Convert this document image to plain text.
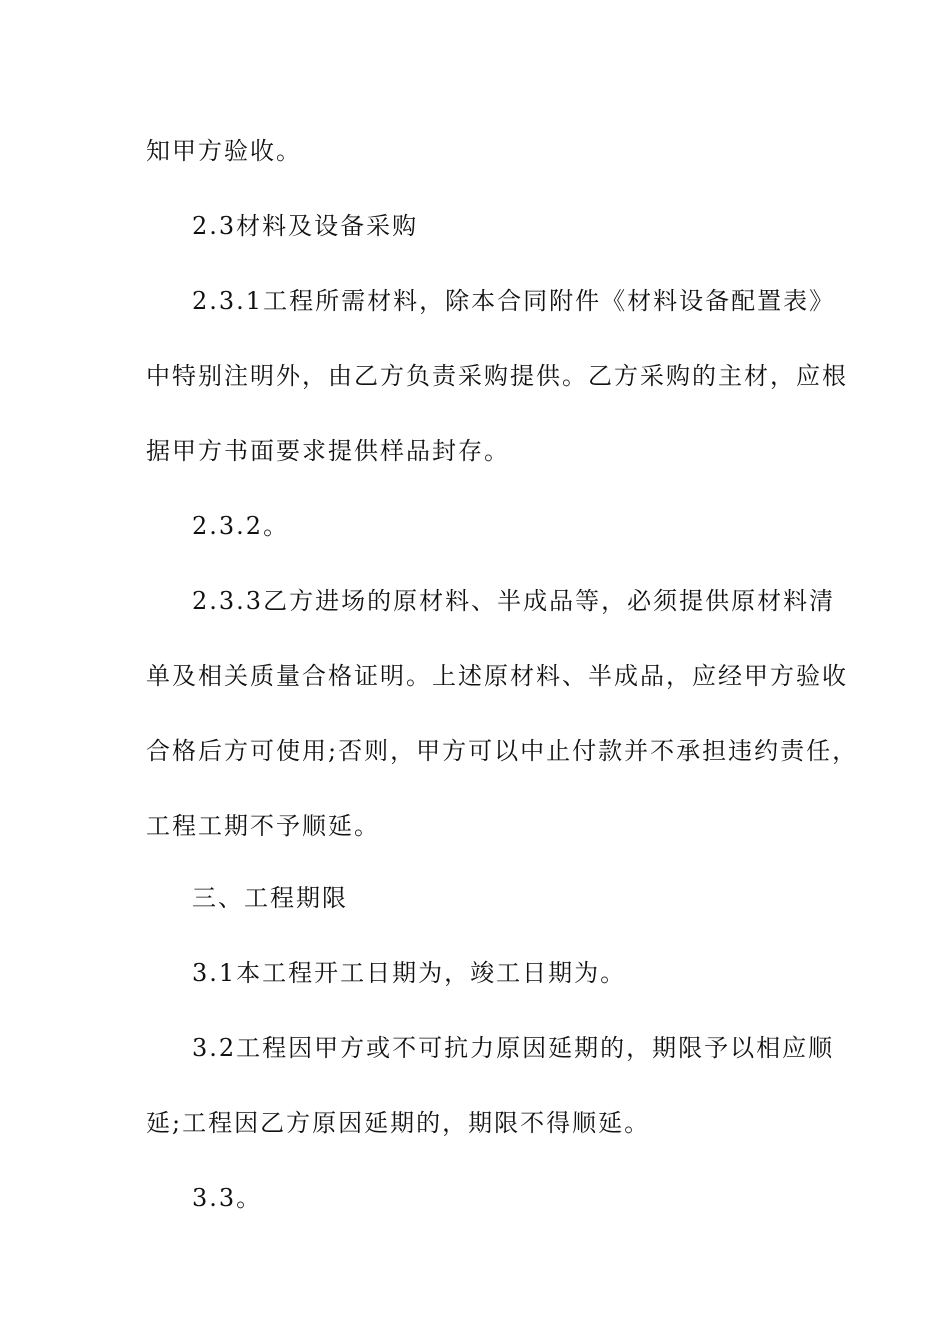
知甲方验收。
2.3材料及设备采购
2.3.1工程所需材料，除本合同附件《材料设备配置表》
中特别注明外，由乙方负责采购提供。乙方采购的主材，应根
据甲方书面要求提供样品封存。
2.3.2。
2.3.3乙方进场的原材料、半成品等，必须提供原材料清
单及相关质量合格证明。上述原材料、半成品，应经甲方验收
合格后方可使用;否则，甲方可以中止付款并不承担违约责任，
工程工期不予顺延。
三、工程期限
3.1本工程开工日期为，竣工日期为。
3.2工程因甲方或不可抗力原因延期的，期限予以相应顺
延;工程因乙方原因延期的，期限不得顺延。
3.3。
